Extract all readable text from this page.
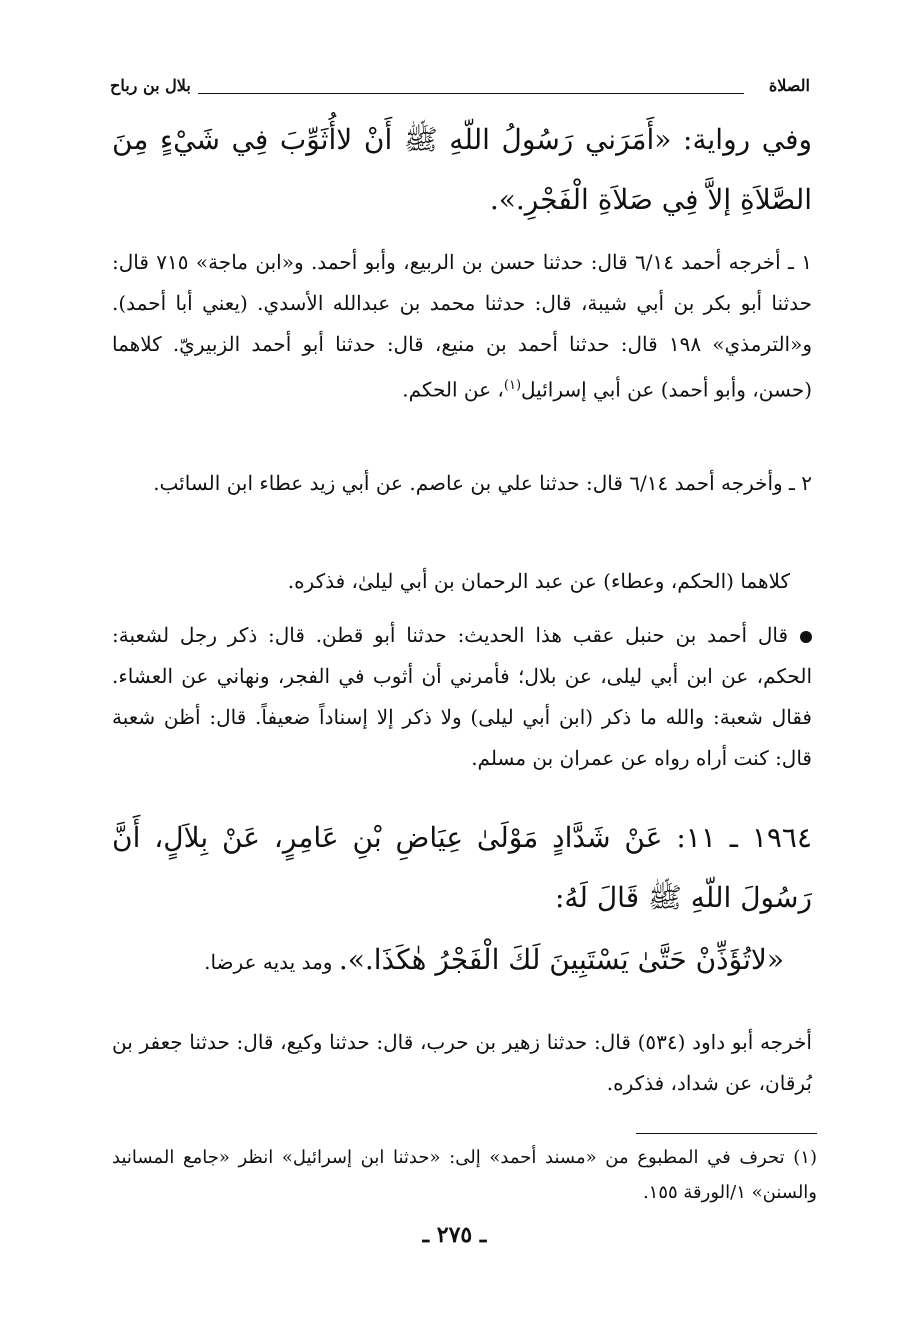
الصلاة
بلال بن رباح
وفي رواية: «أَمَرَني رَسُولُ اللّهِ ﷺ أَنْ لاأُثَوِّبَ فِي شَيْءٍ مِنَ الصَّلاَةِ إلاَّ فِي صَلاَةِ الْفَجْرِ.».
١ ـ أخرجه أحمد ٦/١٤ قال: حدثنا حسن بن الربيع، وأبو أحمد. و«ابن ماجة» ٧١٥ قال: حدثنا أبو بكر بن أبي شيبة، قال: حدثنا محمد بن عبدالله الأسدي. (يعني أبا أحمد). و«الترمذي» ١٩٨ قال: حدثنا أحمد بن منيع، قال: حدثنا أبو أحمد الزبيريّ. كلاهما (حسن، وأبو أحمد) عن أبي إسرائيل$^{(١)}$، عن الحكم.
٢ ـ وأخرجه أحمد ٦/١٤ قال: حدثنا علي بن عاصم. عن أبي زيد عطاء ابن السائب.
كلاهما (الحكم، وعطاء) عن عبد الرحمان بن أبي ليلىٰ، فذكره.
قال أحمد بن حنبل عقب هذا الحديث: حدثنا أبو قطن. قال: ذكر رجل لشعبة: الحكم، عن ابن أبي ليلى، عن بلال؛ فأمرني أن أثوب في الفجر، ونهاني عن العشاء. فقال شعبة: والله ما ذكر (ابن أبي ليلى) ولا ذكر إلا إسناداً ضعيفاً. قال: أظن شعبة قال: كنت أراه رواه عن عمران بن مسلم.
١٩٦٤ ـ ١١: عَنْ شَدَّادٍ مَوْلَىٰ عِيَاضِ بْنِ عَامِرٍ، عَنْ بِلاَلٍ، أَنَّ رَسُولَ اللّهِ ﷺ قَالَ لَهُ:
«لاتُؤَذِّنْ حَتَّىٰ يَسْتَبِينَ لَكَ الْفَجْرُ هٰكَذَا.». ومد يديه عرضا.
أخرجه أبو داود (٥٣٤) قال: حدثنا زهير بن حرب، قال: حدثنا وكيع، قال: حدثنا جعفر بن بُرقان، عن شداد، فذكره.
(١) تحرف في المطبوع من «مسند أحمد» إلى: «حدثنا ابن إسرائيل» انظر «جامع المسانيد والسنن» ١/الورقة ١٥٥.
ـ ٢٧٥ ـ
